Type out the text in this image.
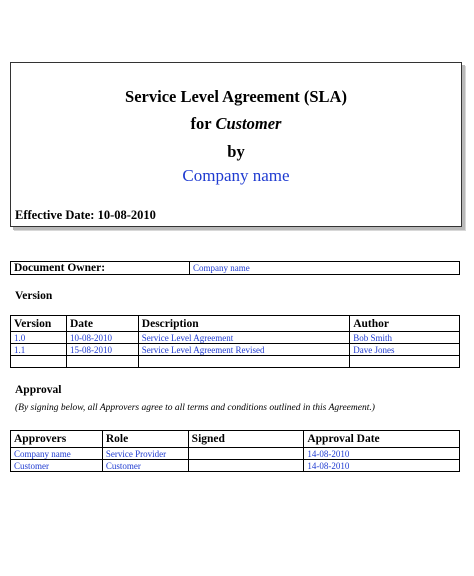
Service Level Agreement (SLA)
for Customer
by
Company name
Effective Date: 10-08-2010
Document Owner:	Company name
Version
Version	Date	Description	Author
1.0	10-08-2010	Service Level Agreement	Bob Smith
1.1	15-08-2010	Service Level Agreement Revised	Dave Jones

Approval
(By signing below, all Approvers agree to all terms and conditions outlined in this Agreement.)
Approvers	Role	Signed	Approval Date
Company name	Service Provider		14-08-2010
Customer	Customer		14-08-2010
